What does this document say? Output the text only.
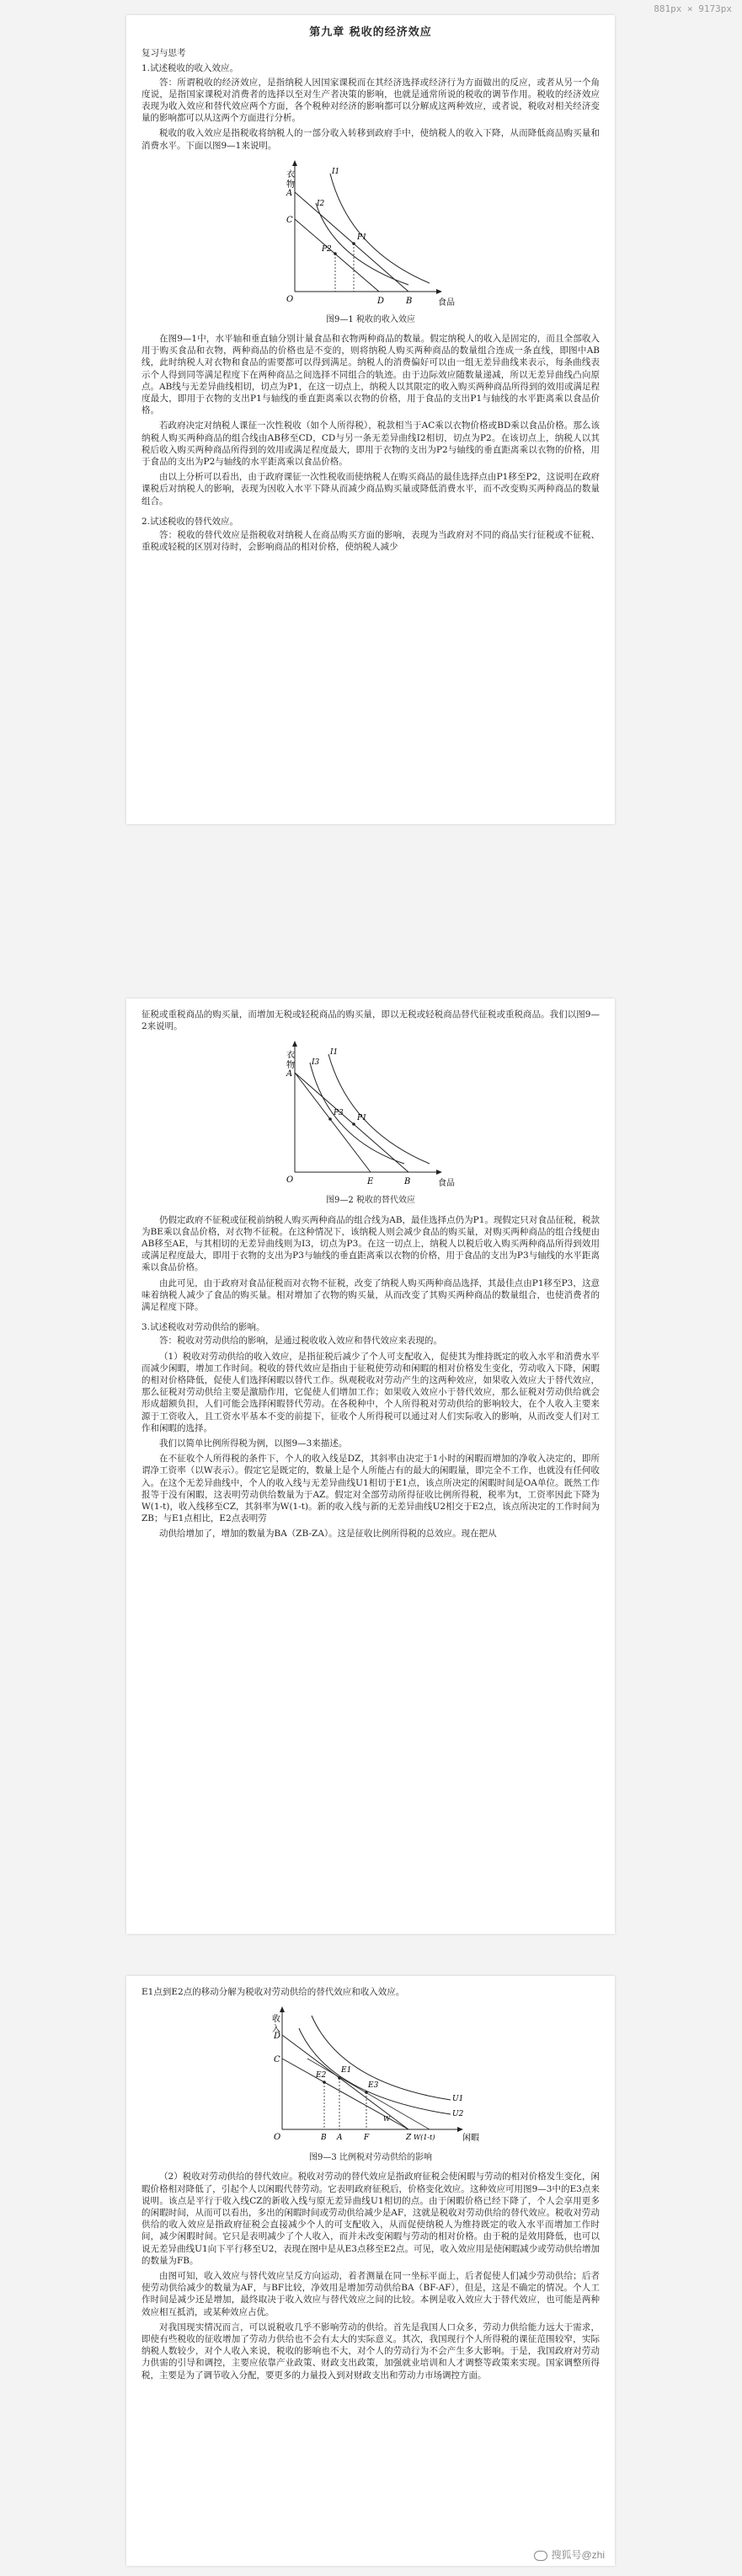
881px × 9173px
第九章 税收的经济效应
复习与思考
1.试述税收的收入效应。

答：所谓税收的经济效应，是指纳税人因国家课税而在其经济选择或经济行为方面做出的反应，或者从另一个角度说，是指国家课税对消费者的选择以至对生产者决策的影响，也就是通常所说的税收的调节作用。税收的经济效应表现为收入效应和替代效应两个方面，各个税种对经济的影响都可以分解成这两种效应，或者说，税收对相关经济变量的影响都可以从这两个方面进行分析。

税收的收入效应是指税收将纳税人的一部分收入转移到政府手中，使纳税人的收入下降，从而降低商品购买量和消费水平。下面以图9—1来说明。

衣
物
食品
O
A
C
D	B
I1
I2
P1
P2
图9—1 税收的收入效应

在图9—1中，水平轴和垂直轴分别计量食品和衣物两种商品的数量。假定纳税人的收入是固定的，而且全部收入用于购买食品和衣物，两种商品的价格也是不变的，则将纳税人购买两种商品的数量组合连成一条直线，即图中AB线，此时纳税人对衣物和食品的需要都可以得到满足。纳税人的消费偏好可以由一组无差异曲线来表示，每条曲线表示个人得到同等满足程度下在两种商品之间选择不同组合的轨迹。由于边际效应随数量递减，所以无差异曲线凸向原点。AB线与无差异曲线相切，切点为P1，在这一切点上，纳税人以其限定的收入购买两种商品所得到的效用或满足程度最大，即用于衣物的支出P1与轴线的垂直距离乘以衣物的价格，用于食品的支出P1与轴线的水平距离乘以食品价格。

若政府决定对纳税人课征一次性税收（如个人所得税），税款相当于AC乘以衣物价格或BD乘以食品价格。那么该纳税人购买两种商品的组合线由AB移至CD，CD与另一条无差异曲线I2相切，切点为P2。在该切点上，纳税人以其税后收入购买两种商品所得到的效用或满足程度最大，即用于衣物的支出为P2与轴线的垂直距离乘以衣物的价格，用于食品的支出为P2与轴线的水平距离乘以食品价格。

由以上分析可以看出，由于政府课征一次性税收而使纳税人在购买商品的最佳选择点由P1移至P2，这说明在政府课税后对纳税人的影响，表现为因收入水平下降从而减少商品购买量或降低消费水平，而不改变购买两种商品的数量组合。

2.试述税收的替代效应。

答：税收的替代效应是指税收对纳税人在商品购买方面的影响，表现为当政府对不同的商品实行征税或不征税、重税或轻税的区别对待时，会影响商品的相对价格，使纳税人减少

征税或重税商品的购买量，而增加无税或轻税商品的购买量，即以无税或轻税商品替代征税或重税商品。我们以图9—2来说明。

衣
物
食品
O
A
E	B
I1
I3
P1
P3
图9—2 税收的替代效应

仍假定政府不征税或征税前纳税人购买两种商品的组合线为AB，最佳选择点仍为P1。现假定只对食品征税，税款为BE乘以食品价格，对衣物不征税。在这种情况下，该纳税人则会减少食品的购买量，对购买两种商品的组合线便由AB移至AE，与其相切的无差异曲线则为I3，切点为P3。在这一切点上，纳税人以税后收入购买两种商品所得到效用或满足程度最大，即用于衣物的支出为P3与轴线的垂直距离乘以衣物的价格，用于食品的支出为P3与轴线的水平距离乘以食品价格。

由此可见，由于政府对食品征税而对衣物不征税，改变了纳税人购买两种商品选择，其最佳点由P1移至P3，这意味着纳税人减少了食品的购买量。相对增加了衣物的购买量，从而改变了其购买两种商品的数量组合，也使消费者的满足程度下降。

3.试述税收对劳动供给的影响。

答：税收对劳动供给的影响，是通过税收收入效应和替代效应来表现的。

（1）税收对劳动供给的收入效应，是指征税后减少了个人可支配收入，促使其为维持既定的收入水平和消费水平而减少闲暇，增加工作时间。税收的替代效应是指由于征税使劳动和闲暇的相对价格发生变化，劳动收入下降，闲暇的相对价格降低，促使人们选择闲暇以替代工作。纵观税收对劳动产生的这两种效应，如果收入效应大于替代效应，那么征税对劳动供给主要是激励作用，它促使人们增加工作；如果收入效应小于替代效应，那么征税对劳动供给就会形成超额负担，人们可能会选择闲暇替代劳动。在各税种中，个人所得税对劳动供给的影响较大，在个人收入主要来源于工资收入，且工资水平基本不变的前提下，征收个人所得税可以通过对人们实际收入的影响，从而改变人们对工作和闲暇的选择。

我们以简单比例所得税为例，以图9—3来描述。

在不征收个人所得税的条件下，个人的收入线是DZ，其斜率由决定于1小时的闲暇而增加的净收入决定的，即所谓净工资率（以W表示）。假定它是既定的，数量上是个人所能占有的最大的闲暇量，即完全不工作，也就没有任何收入。在这个无差异曲线中，个人的收入线与无差异曲线U1相切于E1点，该点所决定的闲暇时间是OA单位。既然工作报等于没有闲暇，这表明劳动供给数量为于AZ。假定对全部劳动所得征收比例所得税，税率为t，工资率因此下降为W(1-t)，收入线移至CZ，其斜率为W(1-t)。新的收入线与新的无差异曲线U2相交于E2点，该点所决定的工作时间为ZB；与E1点相比，E2点表明劳

动供给增加了，增加的数量为BA（ZB-ZA）。这是征收比例所得税的总效应。现在把从

E1点到E2点的移动分解为税收对劳动供给的替代效应和收入效应。

收
入
闲暇
O
D
C
U1
U2
E1
E2
E3
B A	F	Z
W
W(1-t)
图9—3 比例税对劳动供给的影响

（2）税收对劳动供给的替代效应。税收对劳动的替代效应是指政府征税会使闲暇与劳动的相对价格发生变化，闲暇价格相对降低了，引起个人以闲暇代替劳动。它表明政府征税后，价格变化效应。这种效应可用图9—3中的E3点来说明。该点是平行于收入线CZ的新收入线与原无差异曲线U1相切的点。由于闲暇价格已经下降了，个人会享用更多的闲暇时间，从而可以看出，多出的闲暇时间或劳动供给减少是AF，这就是税收对劳动供给的替代效应。税收对劳动供给的收入效应是指政府征税会直接减少个人的可支配收入，从而促使纳税人为维持既定的收入水平而增加工作时间，减少闲暇时间。它只是表明减少了个人收入，而并未改变闲暇与劳动的相对价格。由于税的是效用降低，也可以说无差异曲线U1向下平行移至U2，表现在图中是从E3点移至E2点。可见，收入效应用是使闲暇减少或劳动供给增加的数量为FB。

由图可知，收入效应与替代效应呈反方向运动，着者测量在同一坐标平面上，后者促使人们减少劳动供给；后者使劳动供给减少的数量为AF，与BF比较，净效用是增加劳动供给BA（BF-AF），但是，这是不确定的情况。个人工作时间是减少还是增加，最终取决于收入效应与替代效应之间的比较。本例是收入效应大于替代效应，也可能是两种效应相互抵消，或某种效应占优。

对我国现实情况而言，可以说税收几乎不影响劳动的供给。首先是我国人口众多，劳动力供给能力远大于需求，即使有些税收的征收增加了劳动力供给也不会有太大的实际意义。其次，我国现行个人所得税的课征范围较窄，实际纳税人数较少，对个人收入来说，税收的影响也不大，对个人的劳动行为不会产生多大影响。于是，我国政府对劳动力供需的引导和调控，主要应依靠产业政策、财政支出政策，加强就业培训和人才调整等政策来实现。国家调整所得税，主要是为了调节收入分配，要更多的力量投入到对财政支出和劳动力市场调控方面。

搜狐号@zhi
